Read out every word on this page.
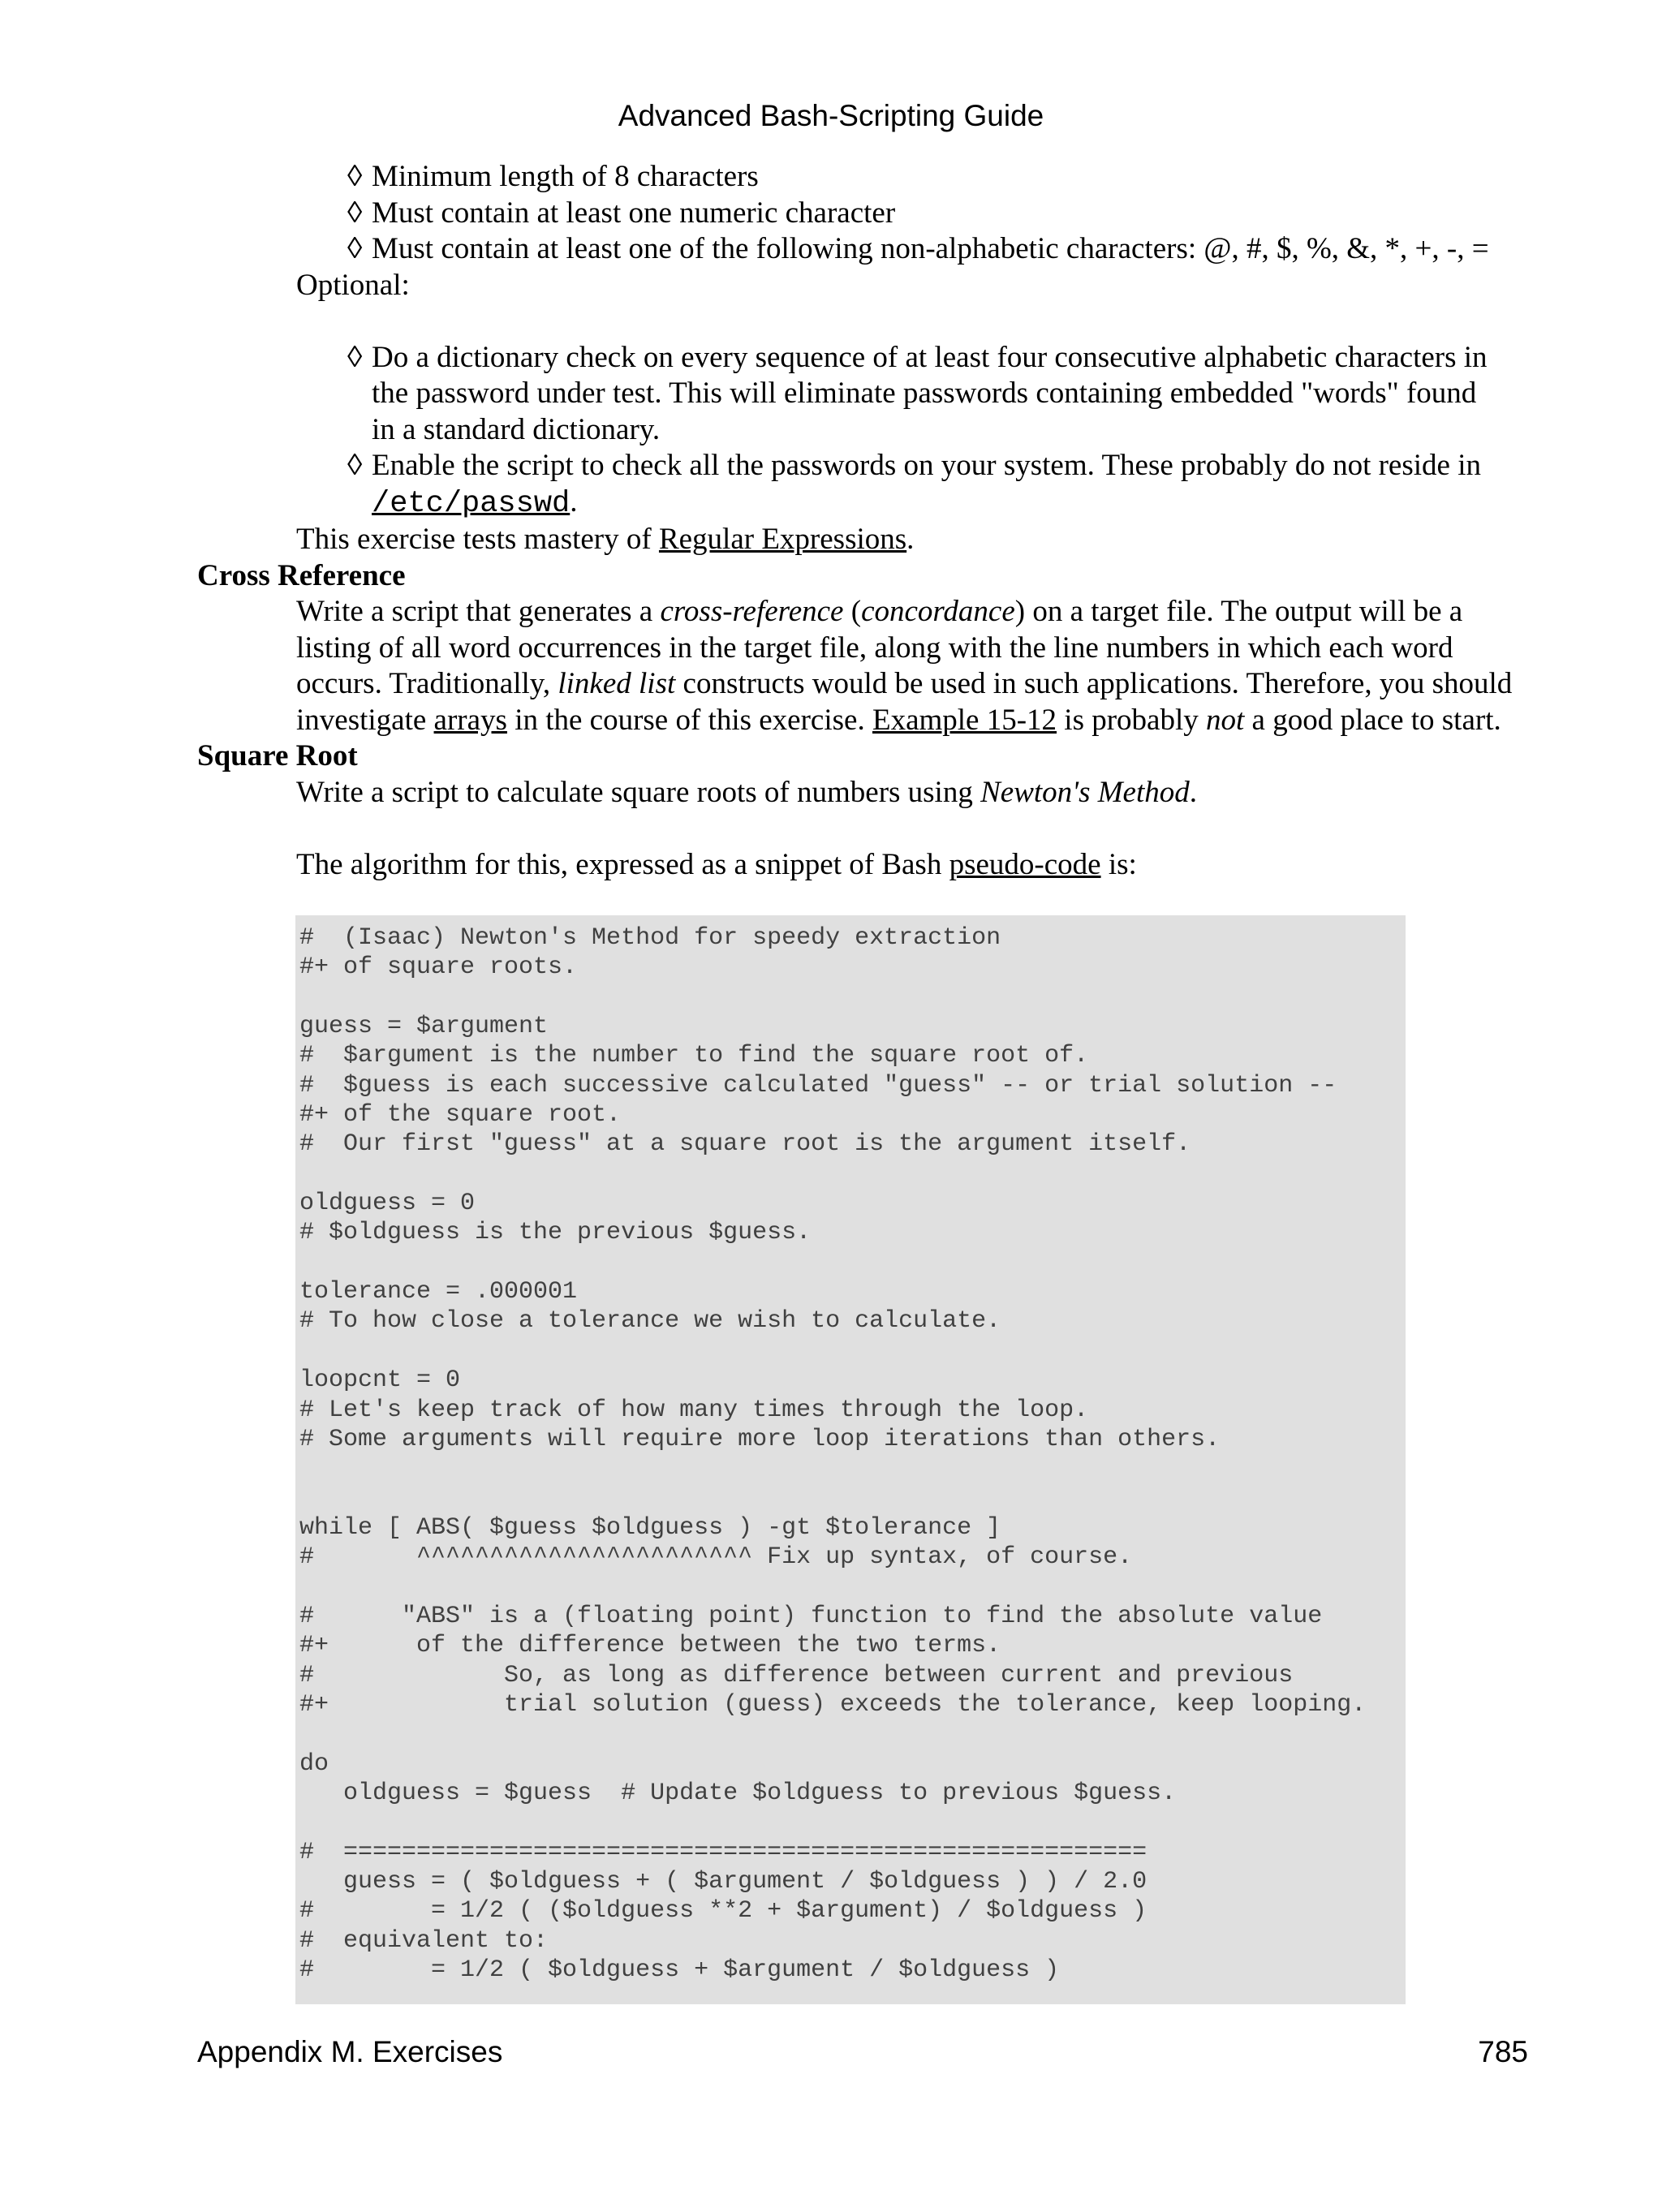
Advanced Bash-Scripting Guide
◊ Minimum length of 8 characters
◊ Must contain at least one numeric character
◊ Must contain at least one of the following non-alphabetic characters: @, #, $, %, &, *, +, -, =
Optional:
◊ Do a dictionary check on every sequence of at least four consecutive alphabetic characters in
the password under test. This will eliminate passwords containing embedded "words" found
in a standard dictionary.
◊ Enable the script to check all the passwords on your system. These probably do not reside in
/etc/passwd.
This exercise tests mastery of Regular Expressions.
Cross Reference
Write a script that generates a cross-reference (concordance) on a target file. The output will be a
listing of all word occurrences in the target file, along with the line numbers in which each word
occurs. Traditionally, linked list constructs would be used in such applications. Therefore, you should
investigate arrays in the course of this exercise. Example 15-12 is probably not a good place to start.
Square Root
Write a script to calculate square roots of numbers using Newton's Method.
The algorithm for this, expressed as a snippet of Bash pseudo-code is:
#  (Isaac) Newton's Method for speedy extraction
#+ of square roots.
guess = $argument
#  $argument is the number to find the square root of.
#  $guess is each successive calculated "guess" -- or trial solution --
#+ of the square root.
#  Our first "guess" at a square root is the argument itself.
oldguess = 0
# $oldguess is the previous $guess.
tolerance = .000001
# To how close a tolerance we wish to calculate.
loopcnt = 0
# Let's keep track of how many times through the loop.
# Some arguments will require more loop iterations than others.
while [ ABS( $guess $oldguess ) -gt $tolerance ]
#       ^^^^^^^^^^^^^^^^^^^^^^^ Fix up syntax, of course.
#      "ABS" is a (floating point) function to find the absolute value
#+      of the difference between the two terms.
#             So, as long as difference between current and previous
#+            trial solution (guess) exceeds the tolerance, keep looping.
do
oldguess = $guess  # Update $oldguess to previous $guess.
#  =======================================================
guess = ( $oldguess + ( $argument / $oldguess ) ) / 2.0
#        = 1/2 ( ($oldguess **2 + $argument) / $oldguess )
#  equivalent to:
#        = 1/2 ( $oldguess + $argument / $oldguess )
Appendix M. Exercises	785
